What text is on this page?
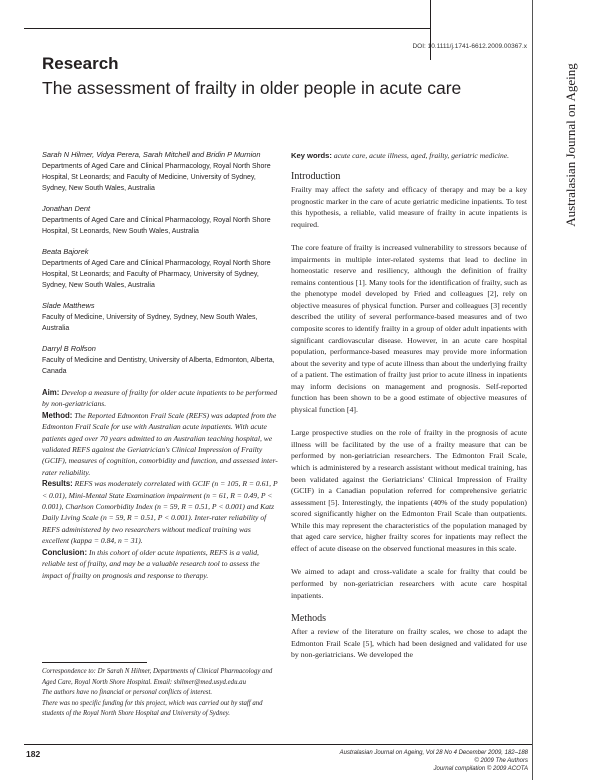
DOI: 10.1111/j.1741-6612.2009.00367.x
Australasian Journal on Ageing
Research
The assessment of frailty in older people in acute care

Sarah N Hilmer, Vidya Perera, Sarah Mitchell and Bridin P Murnion

Departments of Aged Care and Clinical Pharmacology, Royal North Shore Hospital, St Leonards; and Faculty of Medicine, University of Sydney, Sydney, New South Wales, Australia

Jonathan Dent

Departments of Aged Care and Clinical Pharmacology, Royal North Shore Hospital, St Leonards, New South Wales, Australia

Beata Bajorek

Departments of Aged Care and Clinical Pharmacology, Royal North Shore Hospital, St Leonards; and Faculty of Pharmacy, University of Sydney, Sydney, New South Wales, Australia

Slade Matthews

Faculty of Medicine, University of Sydney, Sydney, New South Wales, Australia

Darryl B Rolfson

Faculty of Medicine and Dentistry, University of Alberta, Edmonton, Alberta, Canada

Aim: Develop a measure of frailty for older acute inpatients to be performed by non-geriatricians.
Method: The Reported Edmonton Frail Scale (REFS) was adapted from the Edmonton Frail Scale for use with Australian acute inpatients. With acute patients aged over 70 years admitted to an Australian teaching hospital, we validated REFS against the Geriatrician's Clinical Impression of Frailty (GCIF), measures of cognition, comorbidity and function, and assessed inter-rater reliability.
Results: REFS was moderately correlated with GCIF (n = 105, R = 0.61, P < 0.01), Mini-Mental State Examination impairment (n = 61, R = 0.49, P < 0.001), Charlson Comorbidity Index (n = 59, R = 0.51, P < 0.001) and Katz Daily Living Scale (n = 59, R = 0.51, P < 0.001). Inter-rater reliability of REFS administered by two researchers without medical training was excellent (kappa = 0.84, n = 31).
Conclusion: In this cohort of older acute inpatients, REFS is a valid, reliable test of frailty, and may be a valuable research tool to assess the impact of frailty on prognosis and response to therapy.

Correspondence to: Dr Sarah N Hilmer, Departments of Clinical Pharmacology and Aged Care, Royal North Shore Hospital. Email: shilmer@med.usyd.edu.au
The authors have no financial or personal conflicts of interest.
There was no specific funding for this project, which was carried out by staff and students of the Royal North Shore Hospital and University of Sydney.

Key words: acute care, acute illness, aged, frailty, geriatric medicine.

Introduction

Frailty may affect the safety and efficacy of therapy and may be a key prognostic marker in the care of acute geriatric medicine inpatients. To test this hypothesis, a reliable, valid measure of frailty in acute inpatients is required.

The core feature of frailty is increased vulnerability to stressors because of impairments in multiple inter-related systems that lead to decline in homeostatic reserve and resiliency, although the definition of frailty remains contentious [1]. Many tools for the identification of frailty, such as the phenotype model developed by Fried and colleagues [2], rely on objective measures of physical function. Purser and colleagues [3] recently described the utility of several performance-based measures and of two composite scores to identify frailty in a group of older adult inpatients with significant cardiovascular disease. However, in an acute care hospital population, performance-based measures may provide more information about the severity and type of acute illness than about the underlying frailty of a patient. The estimation of frailty just prior to acute illness in inpatients may inform decisions on management and prognosis. Self-reported function has been shown to be a good estimate of objective measures of physical function [4].

Large prospective studies on the role of frailty in the prognosis of acute illness will be facilitated by the use of a frailty measure that can be performed by non-geriatrician researchers. The Edmonton Frail Scale, which is administered by a research assistant without medical training, has been validated against the Geriatricians' Clinical Impression of Frailty (GCIF) in a Canadian population referred for comprehensive geriatric assessment [5]. Interestingly, the inpatients (40% of the study population) scored significantly higher on the Edmonton Frail Scale than outpatients. While this may represent the characteristics of the population managed by that aged care service, higher frailty scores for inpatients may reflect the effect of acute disease on the observed functional measures in this scale.

We aimed to adapt and cross-validate a scale for frailty that could be performed by non-geriatrician researchers with acute care hospital inpatients.

Methods

After a review of the literature on frailty scales, we chose to adapt the Edmonton Frail Scale [5], which had been designed and validated for use by non-geriatricians. We developed the

182	Australasian Journal on Ageing, Vol 28 No 4 December 2009, 182–188
© 2009 The Authors
Journal compilation © 2009 ACOTA
